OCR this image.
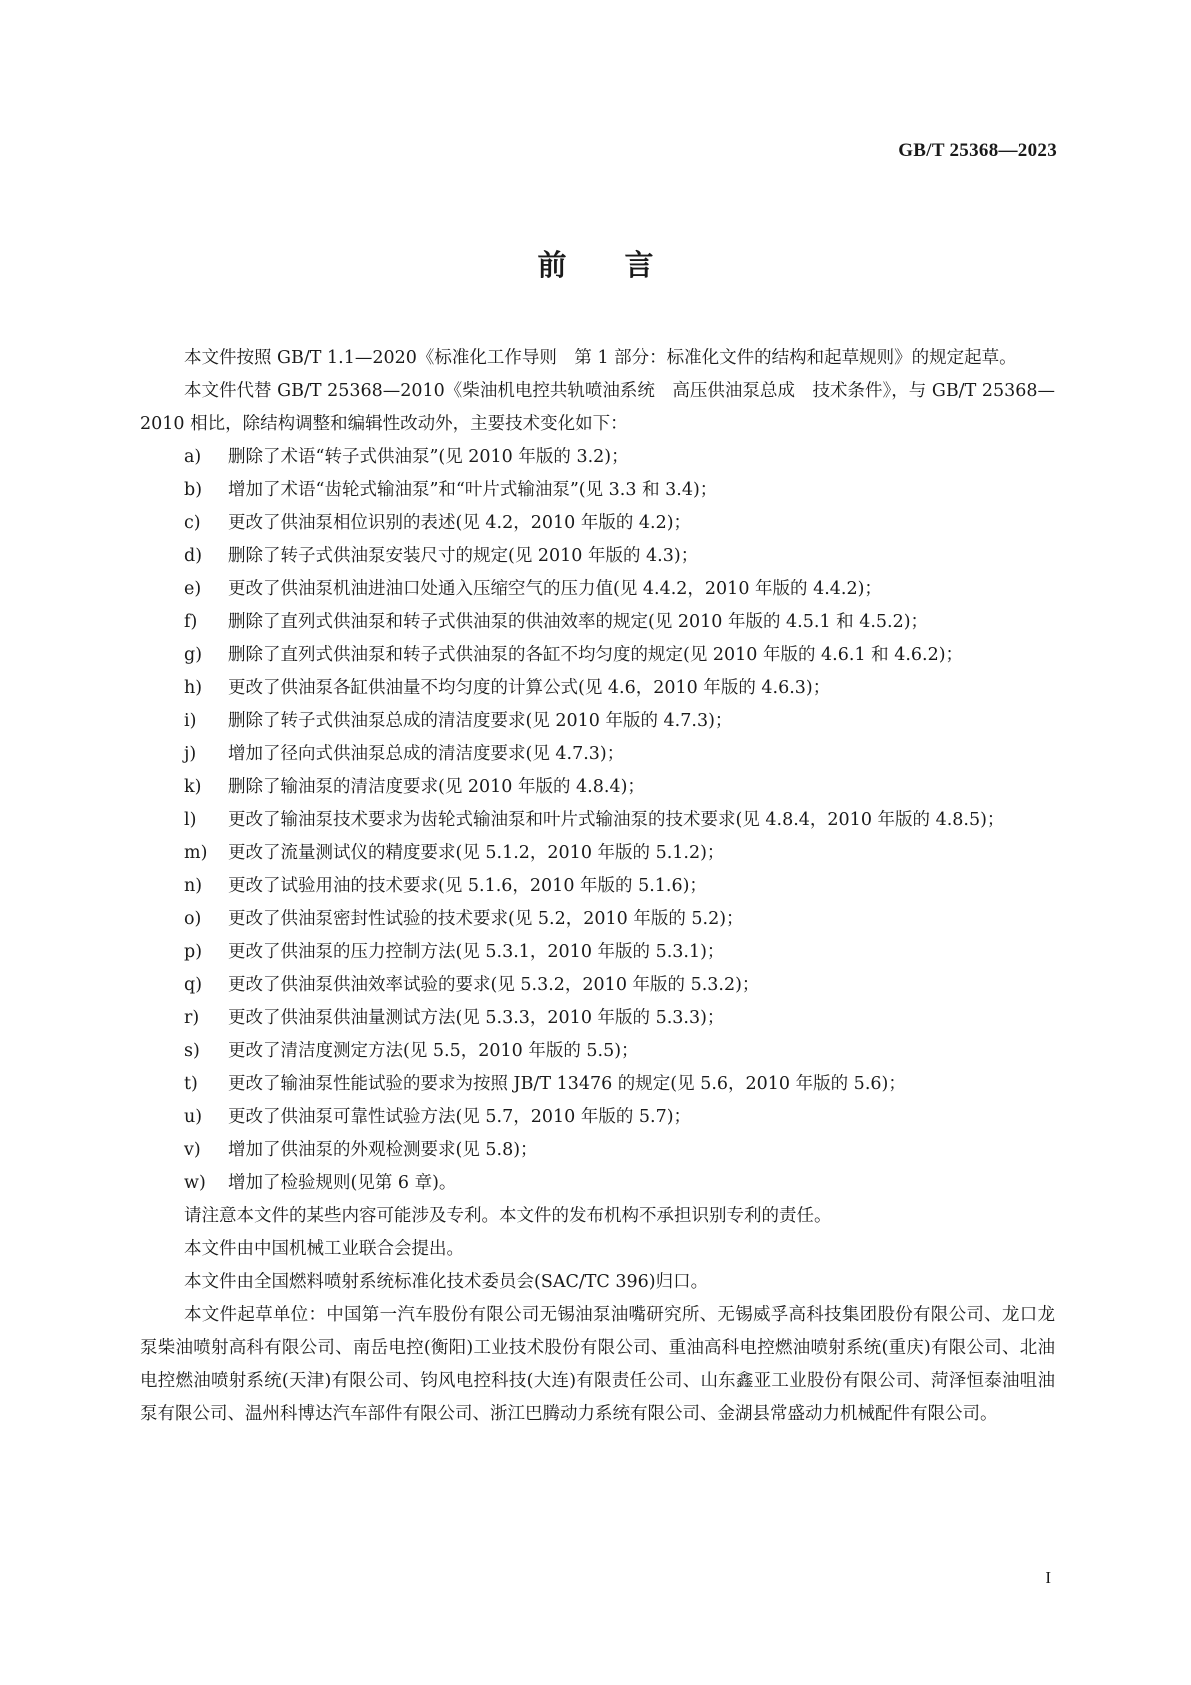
GB/T 25368—2023
前言

本文件按照 GB/T 1.1—2020《标准化工作导则　第 1 部分：标准化文件的结构和起草规则》的规定起草。

本文件代替 GB/T 25368—2010《柴油机电控共轨喷油系统　高压供油泵总成　技术条件》，与 GB/T 25368—2010 相比，除结构调整和编辑性改动外，主要技术变化如下：

a)	删除了术语“转子式供油泵”(见 2010 年版的 3.2)；
b)	增加了术语“齿轮式输油泵”和“叶片式输油泵”(见 3.3 和 3.4)；
c)	更改了供油泵相位识别的表述(见 4.2，2010 年版的 4.2)；
d)	删除了转子式供油泵安装尺寸的规定(见 2010 年版的 4.3)；
e)	更改了供油泵机油进油口处通入压缩空气的压力值(见 4.4.2，2010 年版的 4.4.2)；
f)	删除了直列式供油泵和转子式供油泵的供油效率的规定(见 2010 年版的 4.5.1 和 4.5.2)；
g)	删除了直列式供油泵和转子式供油泵的各缸不均匀度的规定(见 2010 年版的 4.6.1 和 4.6.2)；
h)	更改了供油泵各缸供油量不均匀度的计算公式(见 4.6，2010 年版的 4.6.3)；
i)	删除了转子式供油泵总成的清洁度要求(见 2010 年版的 4.7.3)；
j)	增加了径向式供油泵总成的清洁度要求(见 4.7.3)；
k)	删除了输油泵的清洁度要求(见 2010 年版的 4.8.4)；
l)	更改了输油泵技术要求为齿轮式输油泵和叶片式输油泵的技术要求(见 4.8.4，2010 年版的 4.8.5)；
m)	更改了流量测试仪的精度要求(见 5.1.2，2010 年版的 5.1.2)；
n)	更改了试验用油的技术要求(见 5.1.6，2010 年版的 5.1.6)；
o)	更改了供油泵密封性试验的技术要求(见 5.2，2010 年版的 5.2)；
p)	更改了供油泵的压力控制方法(见 5.3.1，2010 年版的 5.3.1)；
q)	更改了供油泵供油效率试验的要求(见 5.3.2，2010 年版的 5.3.2)；
r)	更改了供油泵供油量测试方法(见 5.3.3，2010 年版的 5.3.3)；
s)	更改了清洁度测定方法(见 5.5，2010 年版的 5.5)；
t)	更改了输油泵性能试验的要求为按照 JB/T 13476 的规定(见 5.6，2010 年版的 5.6)；
u)	更改了供油泵可靠性试验方法(见 5.7，2010 年版的 5.7)；
v)	增加了供油泵的外观检测要求(见 5.8)；
w)	增加了检验规则(见第 6 章)。

请注意本文件的某些内容可能涉及专利。本文件的发布机构不承担识别专利的责任。

本文件由中国机械工业联合会提出。

本文件由全国燃料喷射系统标准化技术委员会(SAC/TC 396)归口。

本文件起草单位：中国第一汽车股份有限公司无锡油泵油嘴研究所、无锡威孚高科技集团股份有限公司、龙口龙泵柴油喷射高科有限公司、南岳电控(衡阳)工业技术股份有限公司、重油高科电控燃油喷射系统(重庆)有限公司、北油电控燃油喷射系统(天津)有限公司、钧风电控科技(大连)有限责任公司、山东鑫亚工业股份有限公司、菏泽恒泰油咀油泵有限公司、温州科博达汽车部件有限公司、浙江巴腾动力系统有限公司、金湖县常盛动力机械配件有限公司。

I
